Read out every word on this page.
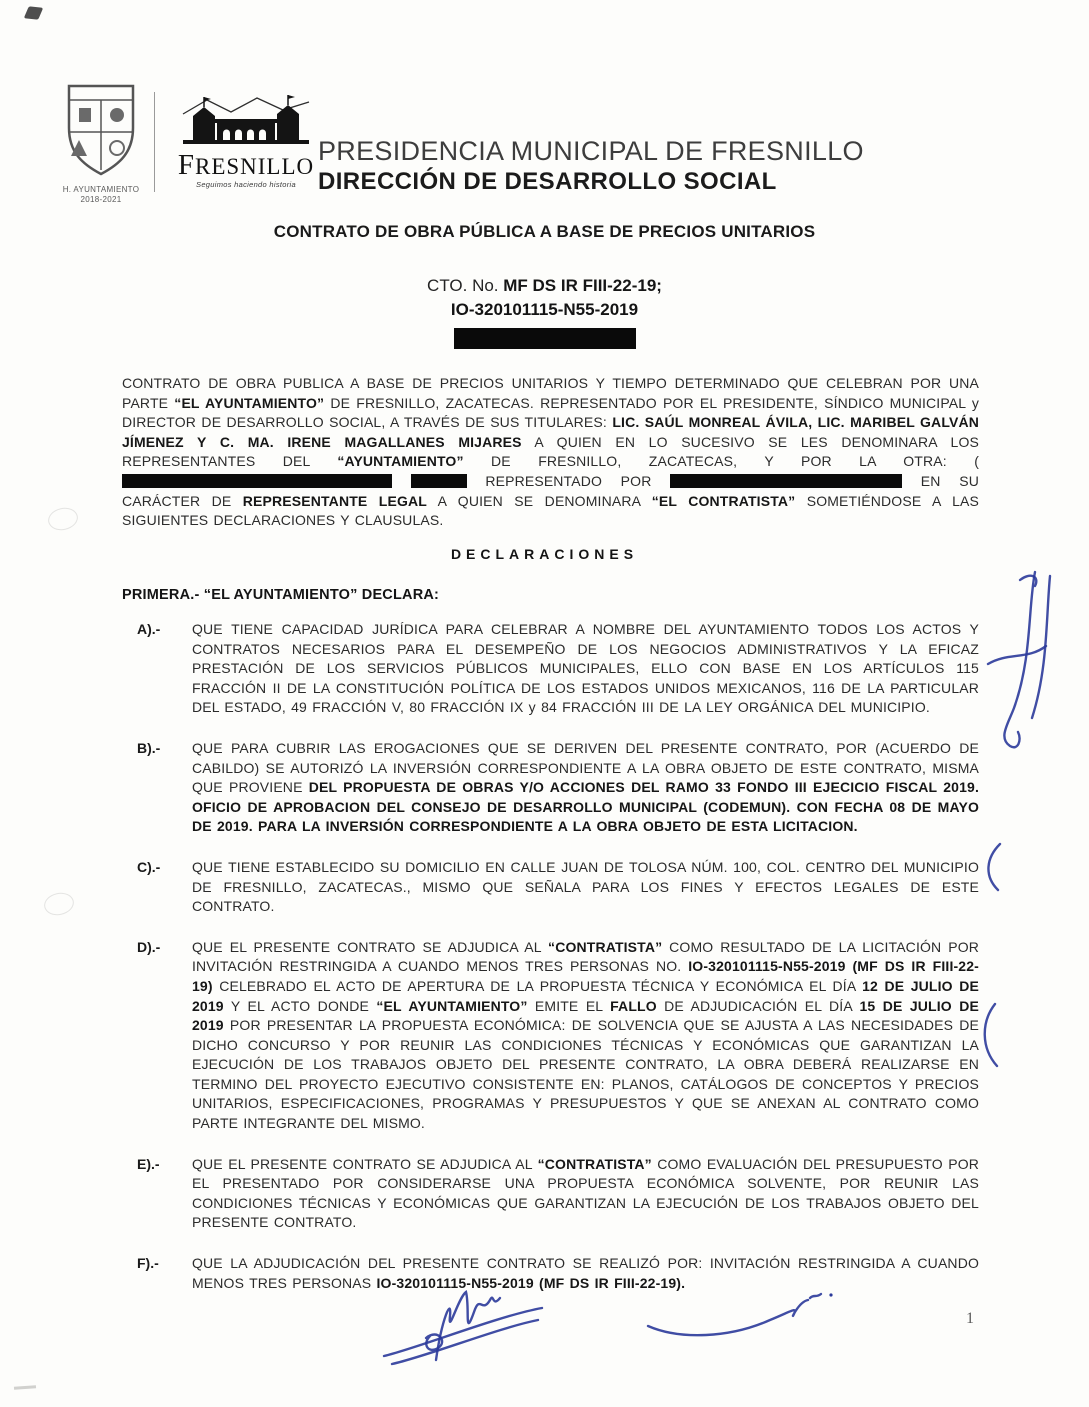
H. AYUNTAMIENTO
2018-2021
FRESNILLO
Seguimos haciendo historia
PRESIDENCIA MUNICIPAL DE FRESNILLO
DIRECCIÓN DE DESARROLLO SOCIAL
CONTRATO DE OBRA PÚBLICA A BASE DE PRECIOS UNITARIOS
CTO. No. MF DS IR FIII-22-19;
IO-320101115-N55-2019

CONTRATO DE OBRA PUBLICA A BASE DE PRECIOS UNITARIOS Y TIEMPO DETERMINADO QUE CELEBRAN POR UNA PARTE “EL AYUNTAMIENTO” DE FRESNILLO, ZACATECAS. REPRESENTADO POR EL PRESIDENTE, SÍNDICO MUNICIPAL y DIRECTOR DE DESARROLLO SOCIAL, A TRAVÉS DE SUS TITULARES: LIC. SAÚL MONREAL ÁVILA, LIC. MARIBEL GALVÁN JÍMENEZ Y C. MA. IRENE MAGALLANES MIJARES A QUIEN EN LO SUCESIVO SE LES DENOMINARA LOS REPRESENTANTES DEL “AYUNTAMIENTO” DE FRESNILLO, ZACATECAS, Y POR LA OTRA: (  REPRESENTADO POR	EN SU CARÁCTER DE REPRESENTANTE LEGAL A QUIEN SE DENOMINARA “EL CONTRATISTA” SOMETIÉNDOSE A LAS SIGUIENTES DECLARACIONES Y CLAUSULAS.

DECLARACIONES
PRIMERA.- “EL AYUNTAMIENTO” DECLARA:
A).-	QUE TIENE CAPACIDAD JURÍDICA PARA CELEBRAR A NOMBRE DEL AYUNTAMIENTO TODOS LOS ACTOS Y CONTRATOS NECESARIOS PARA EL DESEMPEÑO DE LOS NEGOCIOS ADMINISTRATIVOS Y LA EFICAZ PRESTACIÓN DE LOS SERVICIOS PÚBLICOS MUNICIPALES, ELLO CON BASE EN LOS ARTÍCULOS 115 FRACCIÓN II DE LA CONSTITUCIÓN POLÍTICA DE LOS ESTADOS UNIDOS MEXICANOS, 116 DE LA PARTICULAR DEL ESTADO, 49 FRACCIÓN V, 80 FRACCIÓN IX y 84 FRACCIÓN III DE LA LEY ORGÁNICA DEL MUNICIPIO.
B).-	QUE PARA CUBRIR LAS EROGACIONES QUE SE DERIVEN DEL PRESENTE CONTRATO, POR (ACUERDO DE CABILDO) SE AUTORIZÓ LA INVERSIÓN CORRESPONDIENTE A LA OBRA OBJETO DE ESTE CONTRATO, MISMA QUE PROVIENE DEL PROPUESTA DE OBRAS Y/O ACCIONES DEL RAMO 33 FONDO III EJECICIO FISCAL 2019. OFICIO DE APROBACION DEL CONSEJO DE DESARROLLO MUNICIPAL (CODEMUN). CON FECHA 08 DE MAYO DE 2019. PARA LA INVERSIÓN CORRESPONDIENTE A LA OBRA OBJETO DE ESTA LICITACION.
C).-	QUE TIENE ESTABLECIDO SU DOMICILIO EN CALLE JUAN DE TOLOSA NÚM. 100, COL. CENTRO DEL MUNICIPIO DE FRESNILLO, ZACATECAS., MISMO QUE SEÑALA PARA LOS FINES Y EFECTOS LEGALES DE ESTE CONTRATO.
D).-	QUE EL PRESENTE CONTRATO SE ADJUDICA AL “CONTRATISTA” COMO RESULTADO DE LA LICITACIÓN POR INVITACIÓN RESTRINGIDA A CUANDO MENOS TRES PERSONAS NO. IO-320101115-N55-2019 (MF DS IR FIII-22-19) CELEBRADO EL ACTO DE APERTURA DE LA PROPUESTA TÉCNICA Y ECONÓMICA EL DÍA 12 DE JULIO DE 2019 Y EL ACTO DONDE “EL AYUNTAMIENTO” EMITE EL FALLO DE ADJUDICACIÓN EL DÍA 15 DE JULIO DE 2019 POR PRESENTAR LA PROPUESTA ECONÓMICA: DE SOLVENCIA QUE SE AJUSTA A LAS NECESIDADES DE DICHO CONCURSO Y POR REUNIR LAS CONDICIONES TÉCNICAS Y ECONÓMICAS QUE GARANTIZAN LA EJECUCIÓN DE LOS TRABAJOS OBJETO DEL PRESENTE CONTRATO, LA OBRA DEBERÁ REALIZARSE EN TERMINO DEL PROYECTO EJECUTIVO CONSISTENTE EN: PLANOS, CATÁLOGOS DE CONCEPTOS Y PRECIOS UNITARIOS, ESPECIFICACIONES, PROGRAMAS Y PRESUPUESTOS Y QUE SE ANEXAN AL CONTRATO COMO PARTE INTEGRANTE DEL MISMO.
E).-	QUE EL PRESENTE CONTRATO SE ADJUDICA AL “CONTRATISTA” COMO EVALUACIÓN DEL PRESUPUESTO POR EL PRESENTADO POR CONSIDERARSE UNA PROPUESTA ECONÓMICA SOLVENTE, POR REUNIR LAS CONDICIONES TÉCNICAS Y ECONÓMICAS QUE GARANTIZAN LA EJECUCIÓN DE LOS TRABAJOS OBJETO DEL PRESENTE CONTRATO.
F).-	QUE LA ADJUDICACIÓN DEL PRESENTE CONTRATO SE REALIZÓ POR: INVITACIÓN RESTRINGIDA A CUANDO MENOS TRES PERSONAS IO-320101115-N55-2019 (MF DS IR FIII-22-19).
1
